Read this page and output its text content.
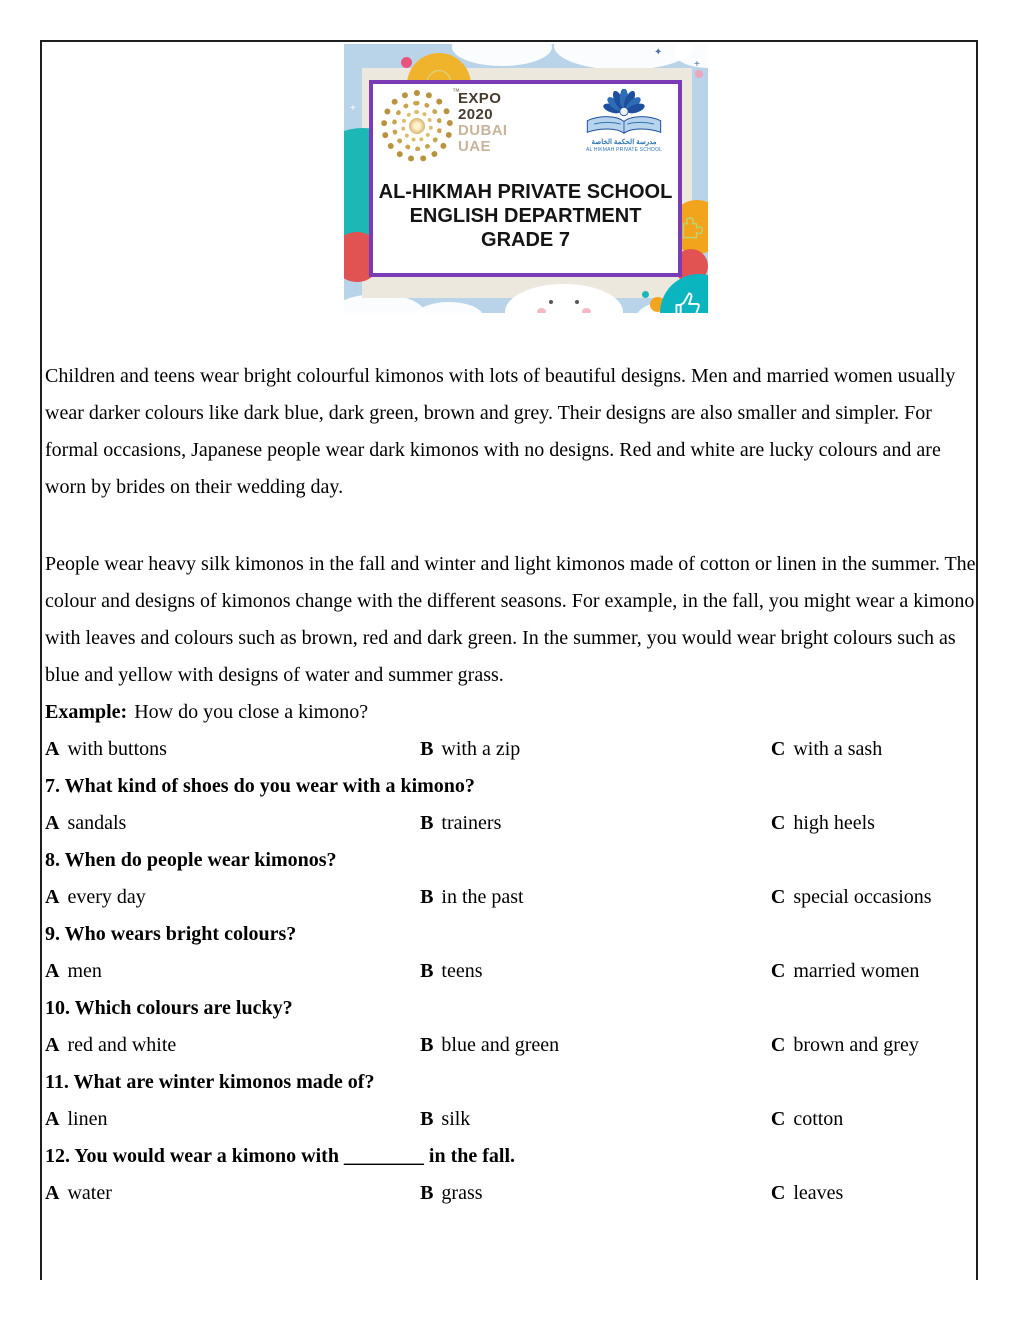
✦
+
•
+
™
EXPO
2020
DUBAI
UAE	مدرسة الحكمة الخاصة
AL HIKMAH PRIVATE SCHOOL
AL-HIKMAH PRIVATE SCHOOL
ENGLISH DEPARTMENT
GRADE 7

Children and teens wear bright colourful kimonos with lots of beautiful designs. Men and married women usually wear darker colours like dark blue, dark green, brown and grey. Their designs are also smaller and simpler. For formal occasions, Japanese people wear dark kimonos with no designs. Red and white are lucky colours and are worn by brides on their wedding day.

People wear heavy silk kimonos in the fall and winter and light kimonos made of cotton or linen in the summer. The colour and designs of kimonos change with the different seasons. For example, in the fall, you might wear a kimono with leaves and colours such as brown, red and dark green. In the summer, you would wear bright colours such as blue and yellow with designs of water and summer grass.

Example: How do you close a kimono?
A with buttons	B with a zip	C with a sash
7. What kind of shoes do you wear with a kimono?
A sandals	B trainers	C high heels
8. When do people wear kimonos?
A every day	B in the past	C special occasions
9. Who wears bright colours?
A men	B teens	C married women
10. Which colours are lucky?
A red and white	B blue and green	C brown and grey
11. What are winter kimonos made of?
A linen	B silk	C cotton
12. You would wear a kimono with ________ in the fall.
A water	B grass	C leaves
